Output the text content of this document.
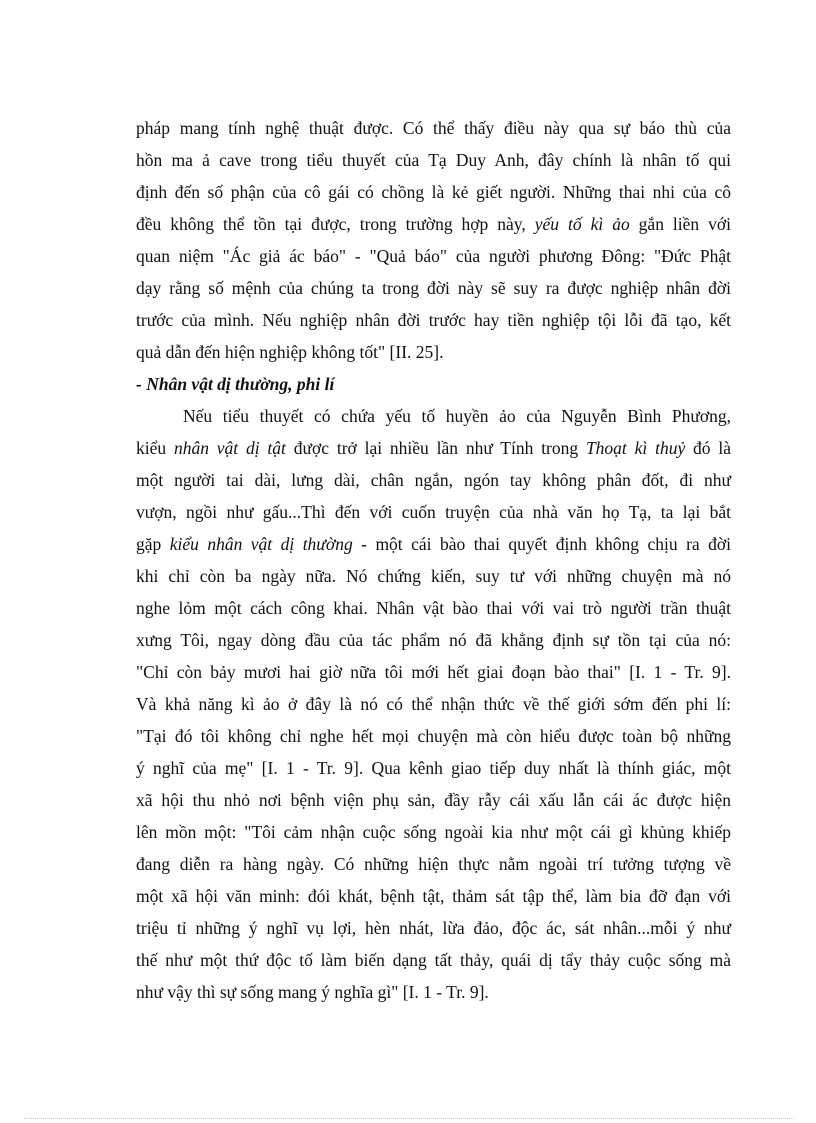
pháp mang tính nghệ thuật được. Có thể thấy điều này qua sự báo thù của
hồn ma ả cave trong tiểu thuyết của Tạ Duy Anh, đây chính là nhân tố qui
định đến số phận của cô gái có chồng là kẻ giết người. Những thai nhi của cô
đều không thể tồn tại được, trong trường hợp này, yếu tố kì ảo gắn liền với
quan niệm "Ác giả ác báo" - "Quả báo" của người phương Đông: "Đức Phật
dạy rằng số mệnh của chúng ta trong đời này sẽ suy ra được nghiệp nhân đời
trước của mình. Nếu nghiệp nhân đời trước hay tiền nghiệp tội lỗi đã tạo, kết
quả dẫn đến hiện nghiệp không tốt" [II. 25].
- Nhân vật dị thường, phi lí
Nếu tiểu thuyết có chứa yếu tố huyền ảo của Nguyễn Bình Phương,
kiểu nhân vật dị tật được trở lại nhiều lần như Tính trong Thoạt kì thuỷ đó là
một người tai dài, lưng dài, chân ngắn, ngón tay không phân đốt, đi như
vượn, ngồi như gấu...Thì đến với cuốn truyện của nhà văn họ Tạ, ta lại bắt
gặp kiểu nhân vật dị thường - một cái bào thai quyết định không chịu ra đời
khi chỉ còn ba ngày nữa. Nó chứng kiến, suy tư với những chuyện mà nó
nghe lỏm một cách công khai. Nhân vật bào thai với vai trò người trần thuật
xưng Tôi, ngay dòng đầu của tác phẩm nó đã khẳng định sự tồn tại của nó:
"Chỉ còn bảy mươi hai giờ nữa tôi mới hết giai đoạn bào thai" [I. 1 - Tr. 9].
Và khả năng kì ảo ở đây là nó có thể nhận thức về thế giới sớm đến phi lí:
"Tại đó tôi không chỉ nghe hết mọi chuyện mà còn hiểu được toàn bộ những
ý nghĩ của mẹ" [I. 1 - Tr. 9]. Qua kênh giao tiếp duy nhất là thính giác, một
xã hội thu nhỏ nơi bệnh viện phụ sản, đầy rẫy cái xấu lẫn cái ác được hiện
lên mồn một: "Tôi cảm nhận cuộc sống ngoài kia như một cái gì khủng khiếp
đang diễn ra hàng ngày. Có những hiện thực nằm ngoài trí tưởng tượng về
một xã hội văn minh: đói khát, bệnh tật, thảm sát tập thể, làm bia đỡ đạn với
triệu tỉ những ý nghĩ vụ lợi, hèn nhát, lừa đảo, độc ác, sát nhân...mỗi ý như
thế như một thứ độc tố làm biến dạng tất thảy, quái dị tẩy thảy cuộc sống mà
như vậy thì sự sống mang ý nghĩa gì" [I. 1 - Tr. 9].
